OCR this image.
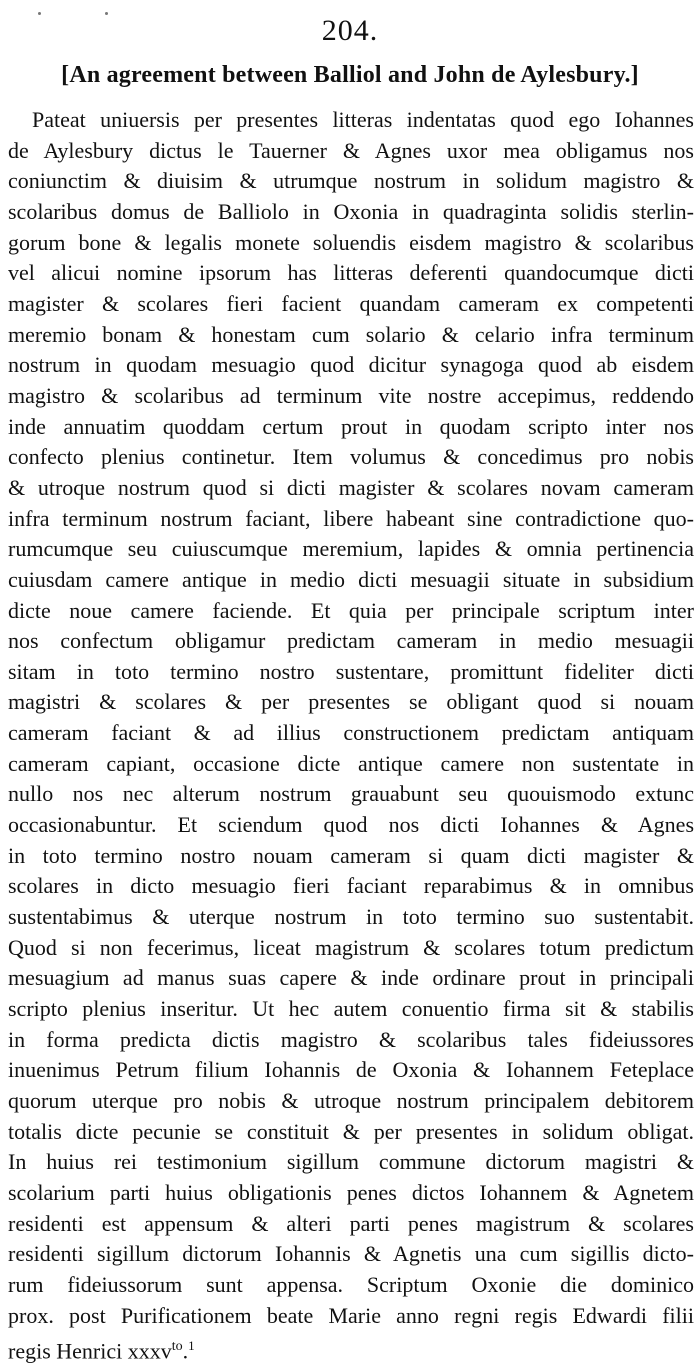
204.
[An agreement between Balliol and John de Aylesbury.]
Pateat uniuersis per presentes litteras indentatas quod ego Iohannes
de Aylesbury dictus le Tauerner & Agnes uxor mea obligamus nos
coniunctim & diuisim & utrumque nostrum in solidum magistro &
scolaribus domus de Balliolo in Oxonia in quadraginta solidis sterlin-
gorum bone & legalis monete soluendis eisdem magistro & scolaribus
vel alicui nomine ipsorum has litteras deferenti quandocumque dicti
magister & scolares fieri facient quandam cameram ex competenti
meremio bonam & honestam cum solario & celario infra terminum
nostrum in quodam mesuagio quod dicitur synagoga quod ab eisdem
magistro & scolaribus ad terminum vite nostre accepimus, reddendo
inde annuatim quoddam certum prout in quodam scripto inter nos
confecto plenius continetur. Item volumus & concedimus pro nobis
& utroque nostrum quod si dicti magister & scolares novam cameram
infra terminum nostrum faciant, libere habeant sine contradictione quo-
rumcumque seu cuiuscumque meremium, lapides & omnia pertinencia
cuiusdam camere antique in medio dicti mesuagii situate in subsidium
dicte noue camere faciende. Et quia per principale scriptum inter
nos confectum obligamur predictam cameram in medio mesuagii
sitam in toto termino nostro sustentare, promittunt fideliter dicti
magistri & scolares & per presentes se obligant quod si nouam
cameram faciant & ad illius constructionem predictam antiquam
cameram capiant, occasione dicte antique camere non sustentate in
nullo nos nec alterum nostrum grauabunt seu quouismodo extunc
occasionabuntur. Et sciendum quod nos dicti Iohannes & Agnes
in toto termino nostro nouam cameram si quam dicti magister &
scolares in dicto mesuagio fieri faciant reparabimus & in omnibus
sustentabimus & uterque nostrum in toto termino suo sustentabit.
Quod si non fecerimus, liceat magistrum & scolares totum predictum
mesuagium ad manus suas capere & inde ordinare prout in principali
scripto plenius inseritur. Ut hec autem conuentio firma sit & stabilis
in forma predicta dictis magistro & scolaribus tales fideiussores
inuenimus Petrum filium Iohannis de Oxonia & Iohannem Feteplace
quorum uterque pro nobis & utroque nostrum principalem debitorem
totalis dicte pecunie se constituit & per presentes in solidum obligat.
In huius rei testimonium sigillum commune dictorum magistri &
scolarium parti huius obligationis penes dictos Iohannem & Agnetem
residenti est appensum & alteri parti penes magistrum & scolares
residenti sigillum dictorum Iohannis & Agnetis una cum sigillis dicto-
rum fideiussorum sunt appensa. Scriptum Oxonie die dominico
prox. post Purificationem beate Marie anno regni regis Edwardi filii
regis Henrici xxxv$^{to}$.$^1$
